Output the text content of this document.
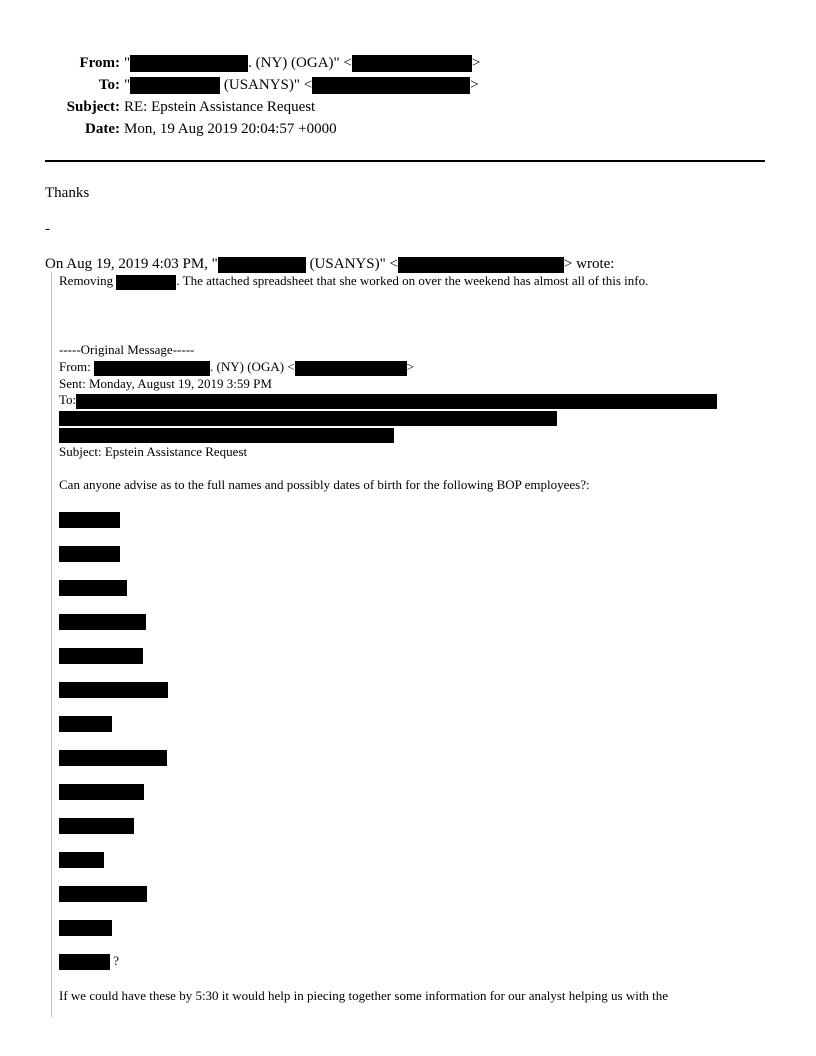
From: "	. (NY) (OGA)" <	>
To: "	(USANYS)" <	>
Subject: RE: Epstein Assistance Request
Date: Mon, 19 Aug 2019 20:04:57 +0000
Thanks
-
On Aug 19, 2019 4:03 PM, "	(USANYS)" <	> wrote:
Removing	. The attached spreadsheet that she worked on over the weekend has almost all of this info.
-----Original Message-----
From:	. (NY) (OGA) <	>
Sent: Monday, August 19, 2019 3:59 PM
To:
Subject: Epstein Assistance Request
Can anyone advise as to the full names and possibly dates of birth for the following BOP employees?:
?
If we could have these by 5:30 it would help in piecing together some information for our analyst helping us with the
